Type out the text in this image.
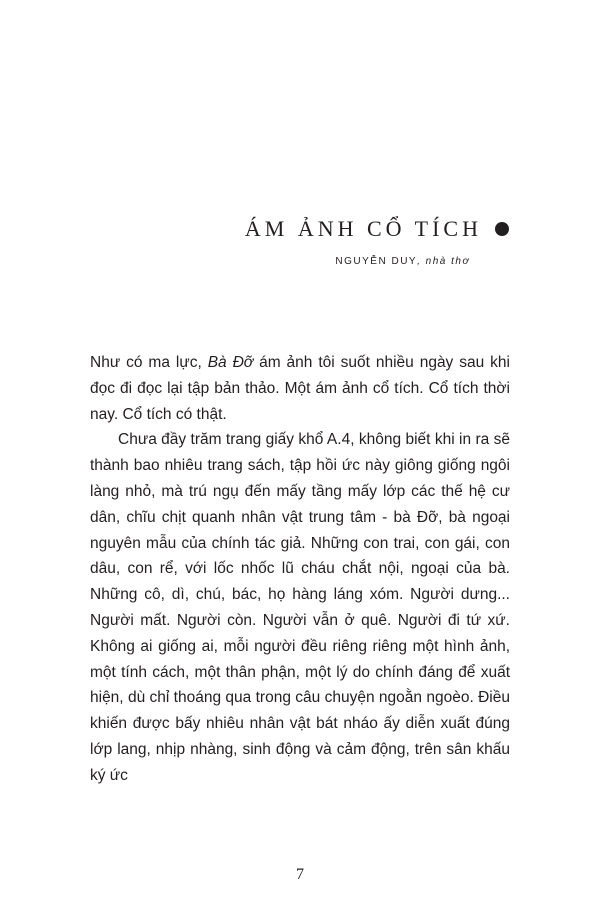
ÁM ẢNH CỔ TÍCH
NGUYỄN DUY, nhà thơ

Như có ma lực, Bà Đỡ ám ảnh tôi suốt nhiều ngày sau khi đọc đi đọc lại tập bản thảo. Một ám ảnh cổ tích. Cổ tích thời nay. Cổ tích có thật.

Chưa đầy trăm trang giấy khổ A.4, không biết khi in ra sẽ thành bao nhiêu trang sách, tập hồi ức này giông giống ngôi làng nhỏ, mà trú ngụ đến mấy tầng mấy lớp các thế hệ cư dân, chĩu chịt quanh nhân vật trung tâm - bà Đỡ, bà ngoại nguyên mẫu của chính tác giả. Những con trai, con gái, con dâu, con rể, với lốc nhốc lũ cháu chắt nội, ngoại của bà. Những cô, dì, chú, bác, họ hàng láng xóm. Người dưng... Người mất. Người còn. Người vẫn ở quê. Người đi tứ xứ. Không ai giống ai, mỗi người đều riêng riêng một hình ảnh, một tính cách, một thân phận, một lý do chính đáng để xuất hiện, dù chỉ thoáng qua trong câu chuyện ngoằn ngoèo. Điều khiến được bấy nhiêu nhân vật bát nháo ấy diễn xuất đúng lớp lang, nhịp nhàng, sinh động và cảm động, trên sân khấu ký ức

7
